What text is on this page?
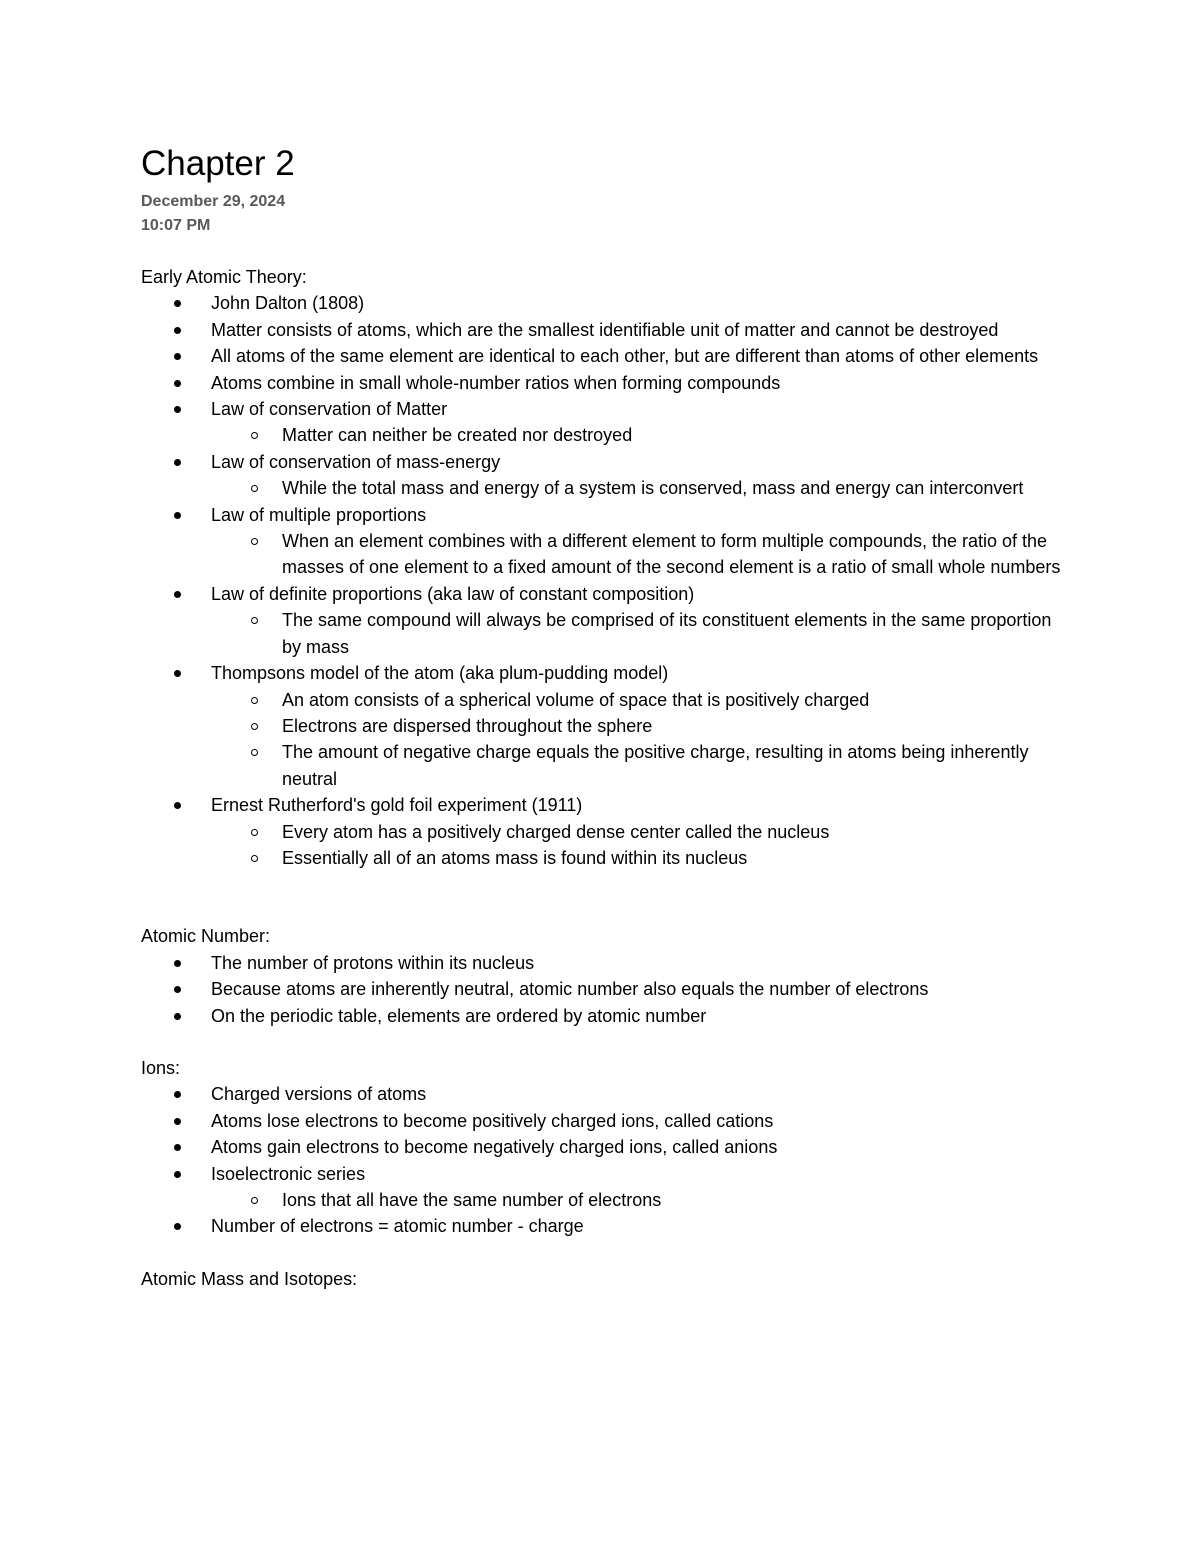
Chapter 2
December 29, 2024
10:07 PM
Early Atomic Theory:
John Dalton (1808)
Matter consists of atoms, which are the smallest identifiable unit of matter and cannot be destroyed
All atoms of the same element are identical to each other, but are different than atoms of other elements
Atoms combine in small whole-number ratios when forming compounds
Law of conservation of Matter
Matter can neither be created nor destroyed
Law of conservation of mass-energy
While the total mass and energy of a system is conserved, mass and energy can interconvert
Law of multiple proportions
When an element combines with a different element to form multiple compounds, the ratio of the masses of one element to a fixed amount of the second element is a ratio of small whole numbers
Law of definite proportions (aka law of constant composition)
The same compound will always be comprised of its constituent elements in the same proportion by mass
Thompsons model of the atom (aka plum-pudding model)
An atom consists of a spherical volume of space that is positively charged
Electrons are dispersed throughout the sphere
The amount of negative charge equals the positive charge, resulting in atoms being inherently neutral
Ernest Rutherford's gold foil experiment (1911)
Every atom has a positively charged dense center called the nucleus
Essentially all of an atoms mass is found within its nucleus
Atomic Number:
The number of protons within its nucleus
Because atoms are inherently neutral, atomic number also equals the number of electrons
On the periodic table, elements are ordered by atomic number
Ions:
Charged versions of atoms
Atoms lose electrons to become positively charged ions, called cations
Atoms gain electrons to become negatively charged ions, called anions
Isoelectronic series
Ions that all have the same number of electrons
Number of electrons = atomic number - charge
Atomic Mass and Isotopes:
